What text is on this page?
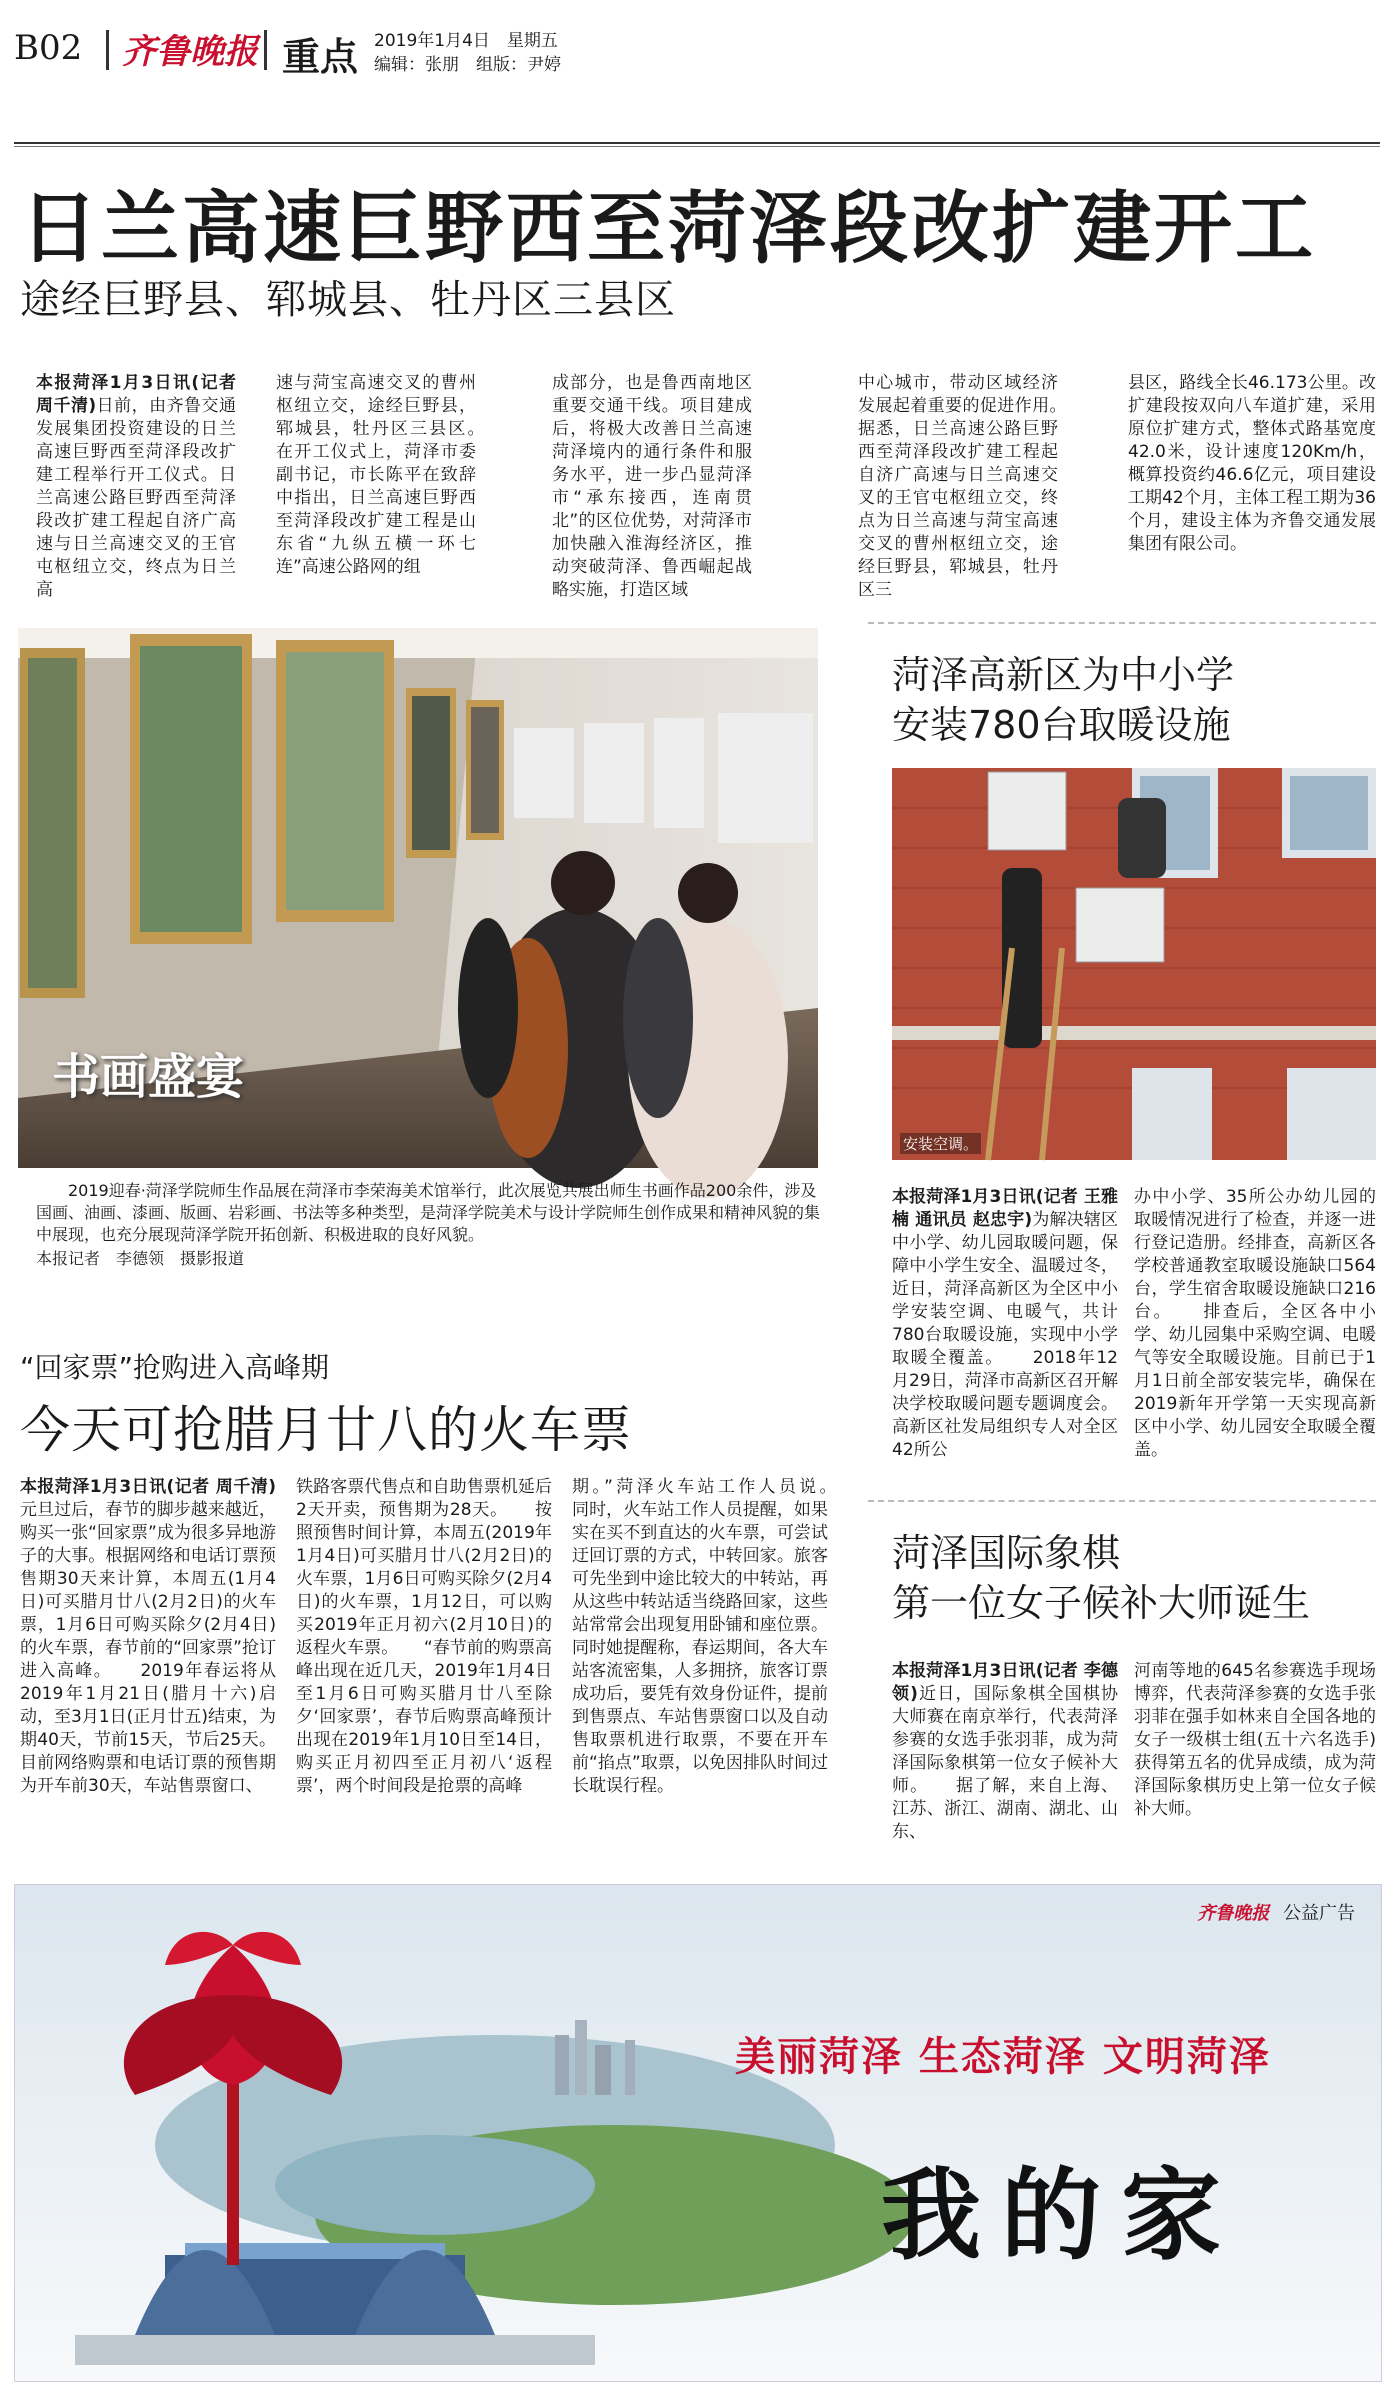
B02 齐鲁晚报 重点 2019年1月4日　星期五
编辑：张朋　组版：尹婷
日兰高速巨野西至菏泽段改扩建开工
途经巨野县、郓城县、牡丹区三县区

本报菏泽1月3日讯(记者 周千清)日前，由齐鲁交通发展集团投资建设的日兰高速巨野西至菏泽段改扩建工程举行开工仪式。日兰高速公路巨野西至菏泽段改扩建工程起自济广高速与日兰高速交叉的王官屯枢纽立交，终点为日兰高

速与菏宝高速交叉的曹州枢纽立交，途经巨野县，郓城县，牡丹区三县区。　　在开工仪式上，菏泽市委副书记，市长陈平在致辞中指出，日兰高速巨野西至菏泽段改扩建工程是山东省“九纵五横一环七连”高速公路网的组

成部分，也是鲁西南地区重要交通干线。项目建成后，将极大改善日兰高速菏泽境内的通行条件和服务水平，进一步凸显菏泽市“承东接西，连南贯北”的区位优势，对菏泽市加快融入淮海经济区，推动突破菏泽、鲁西崛起战略实施，打造区域

中心城市，带动区域经济发展起着重要的促进作用。　　据悉，日兰高速公路巨野西至菏泽段改扩建工程起自济广高速与日兰高速交叉的王官屯枢纽立交，终点为日兰高速与菏宝高速交叉的曹州枢纽立交，途经巨野县，郓城县，牡丹区三

县区，路线全长46.173公里。改扩建段按双向八车道扩建，采用原位扩建方式，整体式路基宽度42.0米，设计速度120Km/h，概算投资约46.6亿元，项目建设工期42个月，主体工程工期为36个月，建设主体为齐鲁交通发展集团有限公司。

书画盛宴
2019迎春·菏泽学院师生作品展在菏泽市李荣海美术馆举行，此次展览共展出师生书画作品200余件，涉及国画、油画、漆画、版画、岩彩画、书法等多种类型，是菏泽学院美术与设计学院师生创作成果和精神风貌的集中展现，也充分展现菏泽学院开拓创新、积极进取的良好风貌。
本报记者　李德领　摄影报道
菏泽高新区为中小学
安装780台取暖设施
安装空调。

本报菏泽1月3日讯(记者 王雅楠 通讯员 赵忠宇)为解决辖区中小学、幼儿园取暖问题，保障中小学生安全、温暖过冬，近日，菏泽高新区为全区中小学安装空调、电暖气，共计780台取暖设施，实现中小学取暖全覆盖。　　2018年12月29日，菏泽市高新区召开解决学校取暖问题专题调度会。高新区社发局组织专人对全区42所公

办中小学、35所公办幼儿园的取暖情况进行了检查，并逐一进行登记造册。经排查，高新区各学校普通教室取暖设施缺口564台，学生宿舍取暖设施缺口216台。　　排查后，全区各中小学、幼儿园集中采购空调、电暖气等安全取暖设施。目前已于1月1日前全部安装完毕，确保在2019新年开学第一天实现高新区中小学、幼儿园安全取暖全覆盖。

“回家票”抢购进入高峰期
今天可抢腊月廿八的火车票

本报菏泽1月3日讯(记者 周千清)元旦过后，春节的脚步越来越近，购买一张“回家票”成为很多异地游子的大事。根据网络和电话订票预售期30天来计算，本周五(1月4日)可买腊月廿八(2月2日)的火车票，1月6日可购买除夕(2月4日)的火车票，春节前的“回家票”抢订进入高峰。　　2019年春运将从2019年1月21日(腊月十六)启动，至3月1日(正月廿五)结束，为期40天，节前15天，节后25天。目前网络购票和电话订票的预售期为开车前30天，车站售票窗口、

铁路客票代售点和自助售票机延后2天开卖，预售期为28天。　　按照预售时间计算，本周五(2019年1月4日)可买腊月廿八(2月2日)的火车票，1月6日可购买除夕(2月4日)的火车票，1月12日，可以购买2019年正月初六(2月10日)的返程火车票。　　“春节前的购票高峰出现在近几天，2019年1月4日至1月6日可购买腊月廿八至除夕‘回家票’，春节后购票高峰预计出现在2019年1月10日至14日，购买正月初四至正月初八‘返程票’，两个时间段是抢票的高峰

期。”菏泽火车站工作人员说。　　同时，火车站工作人员提醒，如果实在买不到直达的火车票，可尝试迂回订票的方式，中转回家。旅客可先坐到中途比较大的中转站，再从这些中转站适当绕路回家，这些站常常会出现复用卧铺和座位票。同时她提醒称，春运期间，各大车站客流密集，人多拥挤，旅客订票成功后，要凭有效身份证件，提前到售票点、车站售票窗口以及自动售取票机进行取票，不要在开车前“掐点”取票，以免因排队时间过长耽误行程。

菏泽国际象棋
第一位女子候补大师诞生

本报菏泽1月3日讯(记者 李德领)近日，国际象棋全国棋协大师赛在南京举行，代表菏泽参赛的女选手张羽菲，成为菏泽国际象棋第一位女子候补大师。　　据了解，来自上海、江苏、浙江、湖南、湖北、山东、

河南等地的645名参赛选手现场博弈，代表菏泽参赛的女选手张羽菲在强手如林来自全国各地的女子一级棋士组(五十六名选手)获得第五名的优异成绩，成为菏泽国际象棋历史上第一位女子候补大师。

齐鲁晚报 公益广告
美丽菏泽 生态菏泽 文明菏泽
我的家
